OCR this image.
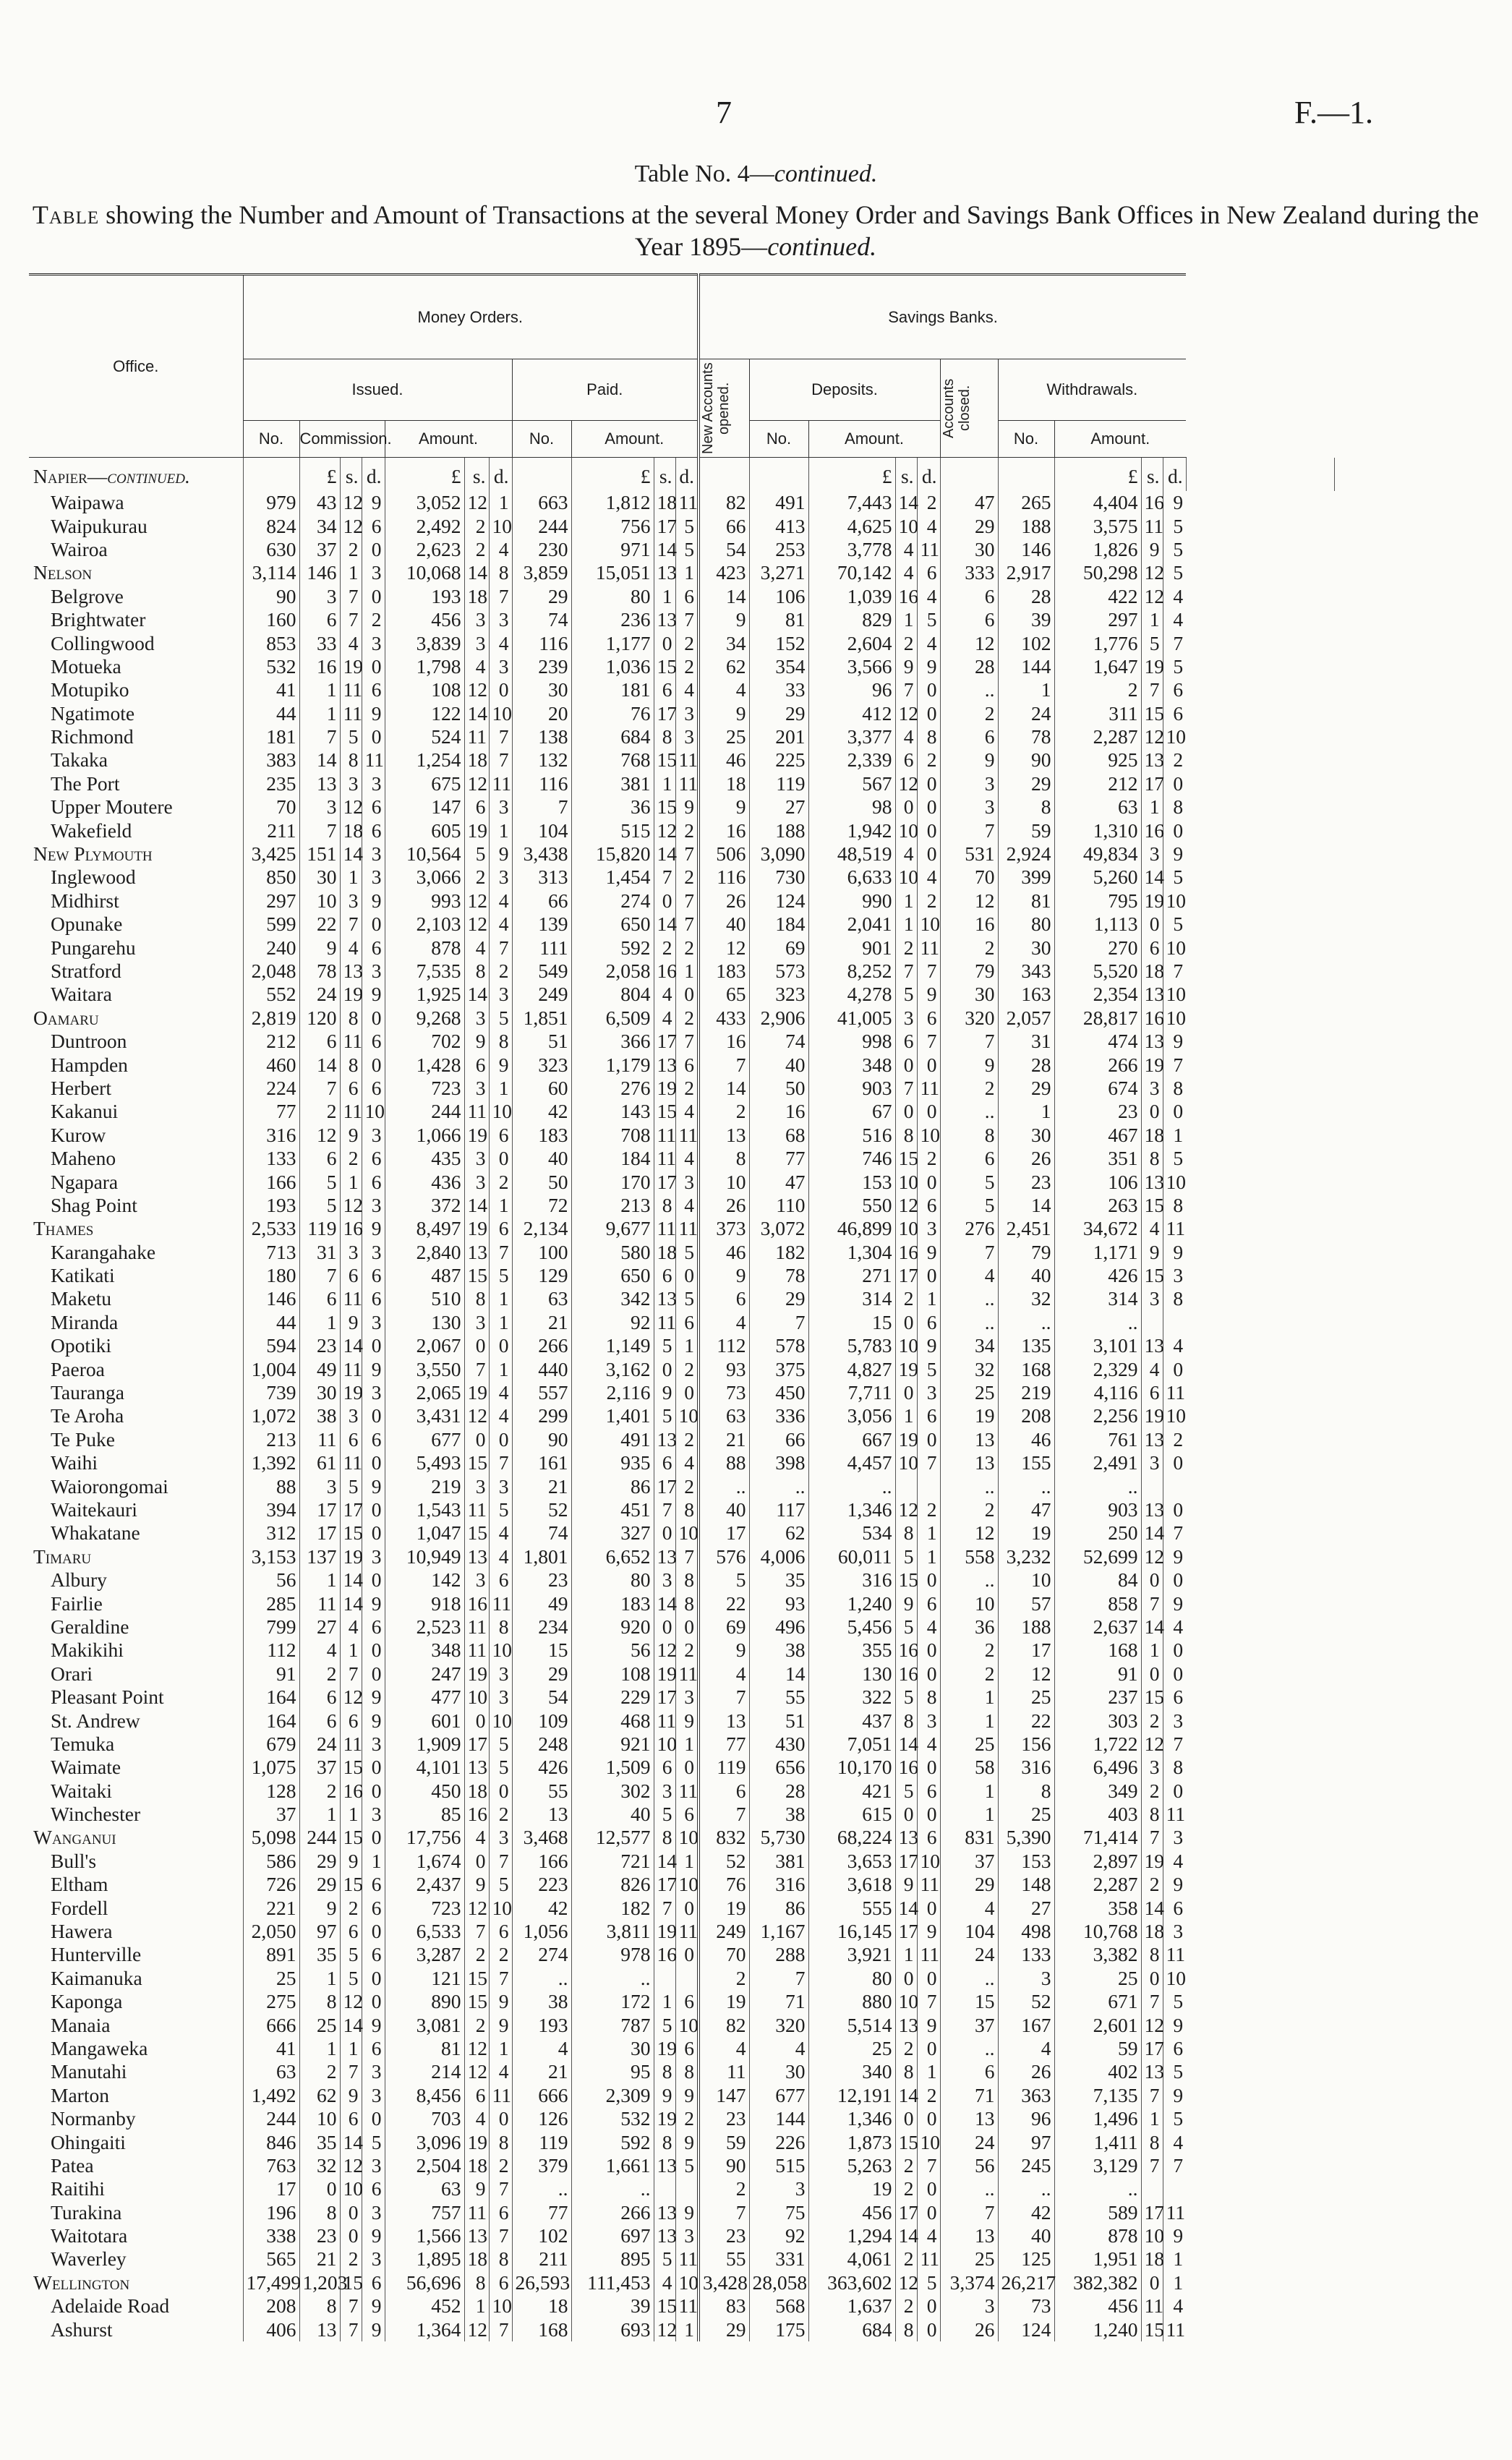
7	F.—1.
Table No. 4—continued.
Table showing the Number and Amount of Transactions at the several Money Order and Savings Bank Offices in New Zealand during the Year 1895—continued.
Office.	Money Orders.											Savings Banks.											
	Issued.							Paid.				New Accounts opened.	Deposits.				Accounts closed.	Withdrawals.					
	No.	Commission.			Amount.			No.	Amount.				No.	Amount.				No.	Amount.				
Napier—continued.		£	s.	d.	£	s.	d.		£	s.	d.			£	s.	d.			£	s.	d.		
Waipawa	979	43	12	9	3,052	12	1	663	1,812	18	11	82	491	7,443	14	2	47	265	4,404	16	9		
Waipukurau	824	34	12	6	2,492	2	10	244	756	17	5	66	413	4,625	10	4	29	188	3,575	11	5		
Wairoa	630	37	2	0	2,623	2	4	230	971	14	5	54	253	3,778	4	11	30	146	1,826	9	5		
Nelson	3,114	146	1	3	10,068	14	8	3,859	15,051	13	1	423	3,271	70,142	4	6	333	2,917	50,298	12	5		
Belgrove	90	3	7	0	193	18	7	29	80	1	6	14	106	1,039	16	4	6	28	422	12	4		
Brightwater	160	6	7	2	456	3	3	74	236	13	7	9	81	829	1	5	6	39	297	1	4		
Collingwood	853	33	4	3	3,839	3	4	116	1,177	0	2	34	152	2,604	2	4	12	102	1,776	5	7		
Motueka	532	16	19	0	1,798	4	3	239	1,036	15	2	62	354	3,566	9	9	28	144	1,647	19	5		
Motupiko	41	1	11	6	108	12	0	30	181	6	4	4	33	96	7	0	..	1	2	7	6		
Ngatimote	44	1	11	9	122	14	10	20	76	17	3	9	29	412	12	0	2	24	311	15	6		
Richmond	181	7	5	0	524	11	7	138	684	8	3	25	201	3,377	4	8	6	78	2,287	12	10		
Takaka	383	14	8	11	1,254	18	7	132	768	15	11	46	225	2,339	6	2	9	90	925	13	2		
The Port	235	13	3	3	675	12	11	116	381	1	11	18	119	567	12	0	3	29	212	17	0		
Upper Moutere	70	3	12	6	147	6	3	7	36	15	9	9	27	98	0	0	3	8	63	1	8		
Wakefield	211	7	18	6	605	19	1	104	515	12	2	16	188	1,942	10	0	7	59	1,310	16	0		
New Plymouth	3,425	151	14	3	10,564	5	9	3,438	15,820	14	7	506	3,090	48,519	4	0	531	2,924	49,834	3	9		
Inglewood	850	30	1	3	3,066	2	3	313	1,454	7	2	116	730	6,633	10	4	70	399	5,260	14	5		
Midhirst	297	10	3	9	993	12	4	66	274	0	7	26	124	990	1	2	12	81	795	19	10		
Opunake	599	22	7	0	2,103	12	4	139	650	14	7	40	184	2,041	1	10	16	80	1,113	0	5		
Pungarehu	240	9	4	6	878	4	7	111	592	2	2	12	69	901	2	11	2	30	270	6	10		
Stratford	2,048	78	13	3	7,535	8	2	549	2,058	16	1	183	573	8,252	7	7	79	343	5,520	18	7		
Waitara	552	24	19	9	1,925	14	3	249	804	4	0	65	323	4,278	5	9	30	163	2,354	13	10		
Oamaru	2,819	120	8	0	9,268	3	5	1,851	6,509	4	2	433	2,906	41,005	3	6	320	2,057	28,817	16	10		
Duntroon	212	6	11	6	702	9	8	51	366	17	7	16	74	998	6	7	7	31	474	13	9		
Hampden	460	14	8	0	1,428	6	9	323	1,179	13	6	7	40	348	0	0	9	28	266	19	7		
Herbert	224	7	6	6	723	3	1	60	276	19	2	14	50	903	7	11	2	29	674	3	8		
Kakanui	77	2	11	10	244	11	10	42	143	15	4	2	16	67	0	0	..	1	23	0	0		
Kurow	316	12	9	3	1,066	19	6	183	708	11	11	13	68	516	8	10	8	30	467	18	1		
Maheno	133	6	2	6	435	3	0	40	184	11	4	8	77	746	15	2	6	26	351	8	5		
Ngapara	166	5	1	6	436	3	2	50	170	17	3	10	47	153	10	0	5	23	106	13	10		
Shag Point	193	5	12	3	372	14	1	72	213	8	4	26	110	550	12	6	5	14	263	15	8		
Thames	2,533	119	16	9	8,497	19	6	2,134	9,677	11	11	373	3,072	46,899	10	3	276	2,451	34,672	4	11		
Karangahake	713	31	3	3	2,840	13	7	100	580	18	5	46	182	1,304	16	9	7	79	1,171	9	9		
Katikati	180	7	6	6	487	15	5	129	650	6	0	9	78	271	17	0	4	40	426	15	3		
Maketu	146	6	11	6	510	8	1	63	342	13	5	6	29	314	2	1	..	32	314	3	8		
Miranda	44	1	9	3	130	3	1	21	92	11	6	4	7	15	0	6	..	..	..				
Opotiki	594	23	14	0	2,067	0	0	266	1,149	5	1	112	578	5,783	10	9	34	135	3,101	13	4		
Paeroa	1,004	49	11	9	3,550	7	1	440	3,162	0	2	93	375	4,827	19	5	32	168	2,329	4	0		
Tauranga	739	30	19	3	2,065	19	4	557	2,116	9	0	73	450	7,711	0	3	25	219	4,116	6	11		
Te Aroha	1,072	38	3	0	3,431	12	4	299	1,401	5	10	63	336	3,056	1	6	19	208	2,256	19	10		
Te Puke	213	11	6	6	677	0	0	90	491	13	2	21	66	667	19	0	13	46	761	13	2		
Waihi	1,392	61	11	0	5,493	15	7	161	935	6	4	88	398	4,457	10	7	13	155	2,491	3	0		
Waiorongomai	88	3	5	9	219	3	3	21	86	17	2	..	..	..			..	..	..				
Waitekauri	394	17	17	0	1,543	11	5	52	451	7	8	40	117	1,346	12	2	2	47	903	13	0		
Whakatane	312	17	15	0	1,047	15	4	74	327	0	10	17	62	534	8	1	12	19	250	14	7		
Timaru	3,153	137	19	3	10,949	13	4	1,801	6,652	13	7	576	4,006	60,011	5	1	558	3,232	52,699	12	9		
Albury	56	1	14	0	142	3	6	23	80	3	8	5	35	316	15	0	..	10	84	0	0		
Fairlie	285	11	14	9	918	16	11	49	183	14	8	22	93	1,240	9	6	10	57	858	7	9		
Geraldine	799	27	4	6	2,523	11	8	234	920	0	0	69	496	5,456	5	4	36	188	2,637	14	4		
Makikihi	112	4	1	0	348	11	10	15	56	12	2	9	38	355	16	0	2	17	168	1	0		
Orari	91	2	7	0	247	19	3	29	108	19	11	4	14	130	16	0	2	12	91	0	0		
Pleasant Point	164	6	12	9	477	10	3	54	229	17	3	7	55	322	5	8	1	25	237	15	6		
St. Andrew	164	6	6	9	601	0	10	109	468	11	9	13	51	437	8	3	1	22	303	2	3		
Temuka	679	24	11	3	1,909	17	5	248	921	10	1	77	430	7,051	14	4	25	156	1,722	12	7		
Waimate	1,075	37	15	0	4,101	13	5	426	1,509	6	0	119	656	10,170	16	0	58	316	6,496	3	8		
Waitaki	128	2	16	0	450	18	0	55	302	3	11	6	28	421	5	6	1	8	349	2	0		
Winchester	37	1	1	3	85	16	2	13	40	5	6	7	38	615	0	0	1	25	403	8	11		
Wanganui	5,098	244	15	0	17,756	4	3	3,468	12,577	8	10	832	5,730	68,224	13	6	831	5,390	71,414	7	3		
Bull's	586	29	9	1	1,674	0	7	166	721	14	1	52	381	3,653	17	10	37	153	2,897	19	4		
Eltham	726	29	15	6	2,437	9	5	223	826	17	10	76	316	3,618	9	11	29	148	2,287	2	9		
Fordell	221	9	2	6	723	12	10	42	182	7	0	19	86	555	14	0	4	27	358	14	6		
Hawera	2,050	97	6	0	6,533	7	6	1,056	3,811	19	11	249	1,167	16,145	17	9	104	498	10,768	18	3		
Hunterville	891	35	5	6	3,287	2	2	274	978	16	0	70	288	3,921	1	11	24	133	3,382	8	11		
Kaimanuka	25	1	5	0	121	15	7	..	..			2	7	80	0	0	..	3	25	0	10		
Kaponga	275	8	12	0	890	15	9	38	172	1	6	19	71	880	10	7	15	52	671	7	5		
Manaia	666	25	14	9	3,081	2	9	193	787	5	10	82	320	5,514	13	9	37	167	2,601	12	9		
Mangaweka	41	1	1	6	81	12	1	4	30	19	6	4	4	25	2	0	..	4	59	17	6		
Manutahi	63	2	7	3	214	12	4	21	95	8	8	11	30	340	8	1	6	26	402	13	5		
Marton	1,492	62	9	3	8,456	6	11	666	2,309	9	9	147	677	12,191	14	2	71	363	7,135	7	9		
Normanby	244	10	6	0	703	4	0	126	532	19	2	23	144	1,346	0	0	13	96	1,496	1	5		
Ohingaiti	846	35	14	5	3,096	19	8	119	592	8	9	59	226	1,873	15	10	24	97	1,411	8	4		
Patea	763	32	12	3	2,504	18	2	379	1,661	13	5	90	515	5,263	2	7	56	245	3,129	7	7		
Raitihi	17	0	10	6	63	9	7	..	..			2	3	19	2	0	..	..	..				
Turakina	196	8	0	3	757	11	6	77	266	13	9	7	75	456	17	0	7	42	589	17	11		
Waitotara	338	23	0	9	1,566	13	7	102	697	13	3	23	92	1,294	14	4	13	40	878	10	9		
Waverley	565	21	2	3	1,895	18	8	211	895	5	11	55	331	4,061	2	11	25	125	1,951	18	1		
Wellington	17,499	1,203	15	6	56,696	8	6	26,593	111,453	4	10	3,428	28,058	363,602	12	5	3,374	26,217	382,382	0	1		
Adelaide Road	208	8	7	9	452	1	10	18	39	15	11	83	568	1,637	2	0	3	73	456	11	4		
Ashurst	406	13	7	9	1,364	12	7	168	693	12	1	29	175	684	8	0	26	124	1,240	15	11		
